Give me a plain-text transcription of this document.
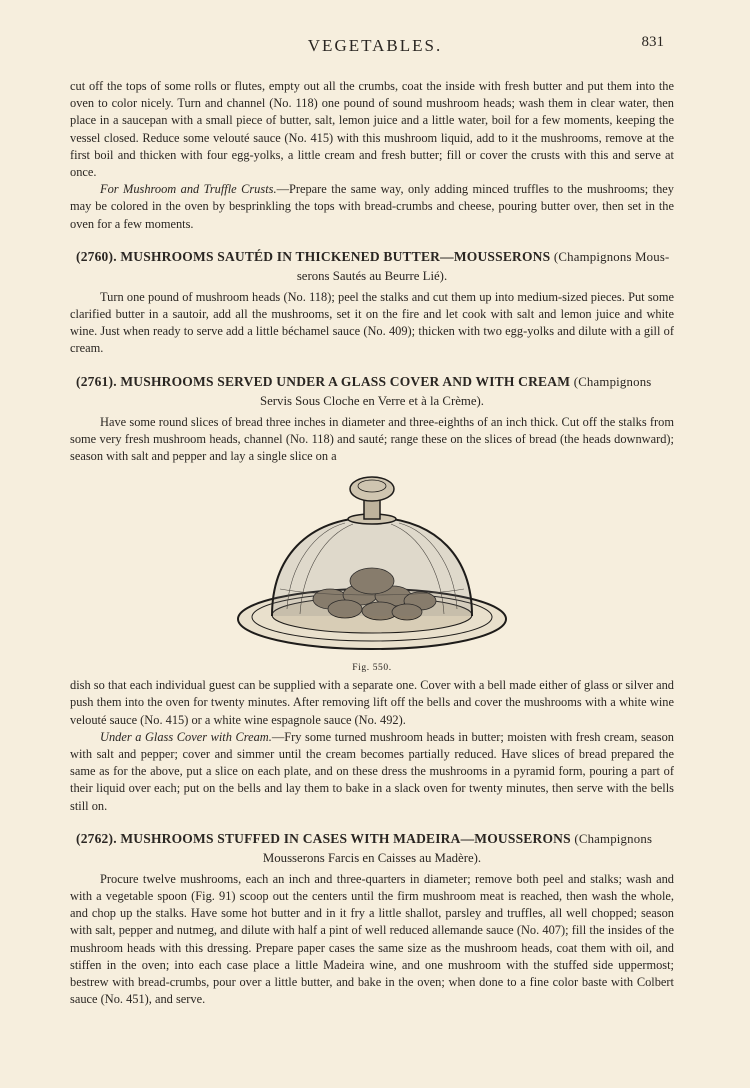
VEGETABLES.	831

cut off the tops of some rolls or flutes, empty out all the crumbs, coat the inside with fresh butter and put them into the oven to color nicely. Turn and channel (No. 118) one pound of sound mushroom heads; wash them in clear water, then place in a saucepan with a small piece of butter, salt, lemon juice and a little water, boil for a few moments, keeping the vessel closed. Reduce some velouté sauce (No. 415) with this mushroom liquid, add to it the mushrooms, remove at the first boil and thicken with four egg-yolks, a little cream and fresh butter; fill or cover the crusts with this and serve at once.

For Mushroom and Truffle Crusts.—Prepare the same way, only adding minced truffles to the mushrooms; they may be colored in the oven by besprinkling the tops with bread-crumbs and cheese, pouring butter over, then set in the oven for a few moments.

(2760). MUSHROOMS SAUTÉD IN THICKENED BUTTER—MOUSSERONS (Champignons Mous-
serons Sautés au Beurre Lié).

Turn one pound of mushroom heads (No. 118); peel the stalks and cut them up into medium-sized pieces. Put some clarified butter in a sautoir, add all the mushrooms, set it on the fire and let cook with salt and lemon juice and white wine. Just when ready to serve add a little béchamel sauce (No. 409); thicken with two egg-yolks and dilute with a gill of cream.

(2761). MUSHROOMS SERVED UNDER A GLASS COVER AND WITH CREAM (Champignons
Servis Sous Cloche en Verre et à la Crème).

Have some round slices of bread three inches in diameter and three-eighths of an inch thick. Cut off the stalks from some very fresh mushroom heads, channel (No. 118) and sauté; range these on the slices of bread (the heads downward); season with salt and pepper and lay a single slice on a

Fig. 550.

dish so that each individual guest can be supplied with a separate one. Cover with a bell made either of glass or silver and push them into the oven for twenty minutes. After removing lift off the bells and cover the mushrooms with a white wine velouté sauce (No. 415) or a white wine espagnole sauce (No. 492).

Under a Glass Cover with Cream.—Fry some turned mushroom heads in butter; moisten with fresh cream, season with salt and pepper; cover and simmer until the cream becomes partially reduced. Have slices of bread prepared the same as for the above, put a slice on each plate, and on these dress the mushrooms in a pyramid form, pouring a part of their liquid over each; put on the bells and lay them to bake in a slack oven for twenty minutes, then serve with the bells still on.

(2762). MUSHROOMS STUFFED IN CASES WITH MADEIRA—MOUSSERONS (Champignons
Mousserons Farcis en Caisses au Madère).

Procure twelve mushrooms, each an inch and three-quarters in diameter; remove both peel and stalks; wash and with a vegetable spoon (Fig. 91) scoop out the centers until the firm mushroom meat is reached, then wash the whole, and chop up the stalks. Have some hot butter and in it fry a little shallot, parsley and truffles, all well chopped; season with salt, pepper and nutmeg, and dilute with half a pint of well reduced allemande sauce (No. 407); fill the insides of the mushroom heads with this dressing. Prepare paper cases the same size as the mushroom heads, coat them with oil, and stiffen in the oven; into each case place a little Madeira wine, and one mushroom with the stuffed side uppermost; bestrew with bread-crumbs, pour over a little butter, and bake in the oven; when done to a fine color baste with Colbert sauce (No. 451), and serve.
